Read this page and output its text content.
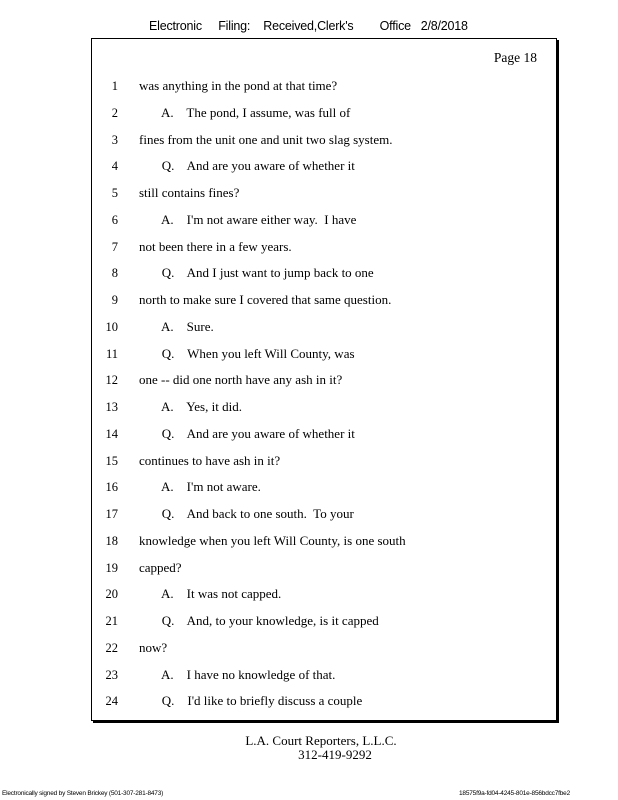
Electronic     Filing:    Received,Clerk's        Office   2/8/2018
Page 18
1 was anything in the pond at that time?
2 A.    The pond, I assume, was full of
3 fines from the unit one and unit two slag system.
4 Q.    And are you aware of whether it
5 still contains fines?
6 A.    I'm not aware either way.  I have
7 not been there in a few years.
8 Q.    And I just want to jump back to one
9 north to make sure I covered that same question.
10 A.    Sure.
11 Q.    When you left Will County, was
12 one -- did one north have any ash in it?
13 A.    Yes, it did.
14 Q.    And are you aware of whether it
15 continues to have ash in it?
16 A.    I'm not aware.
17 Q.    And back to one south.  To your
18 knowledge when you left Will County, is one south
19 capped?
20 A.    It was not capped.
21 Q.    And, to your knowledge, is it capped
22 now?
23 A.    I have no knowledge of that.
24 Q.    I'd like to briefly discuss a couple
L.A. Court Reporters, L.L.C.
312-419-9292
Electronically signed by Steven Brickey (501-307-281-8473)	18575f9a-fd04-4245-801e-856bdcc7fbe2
